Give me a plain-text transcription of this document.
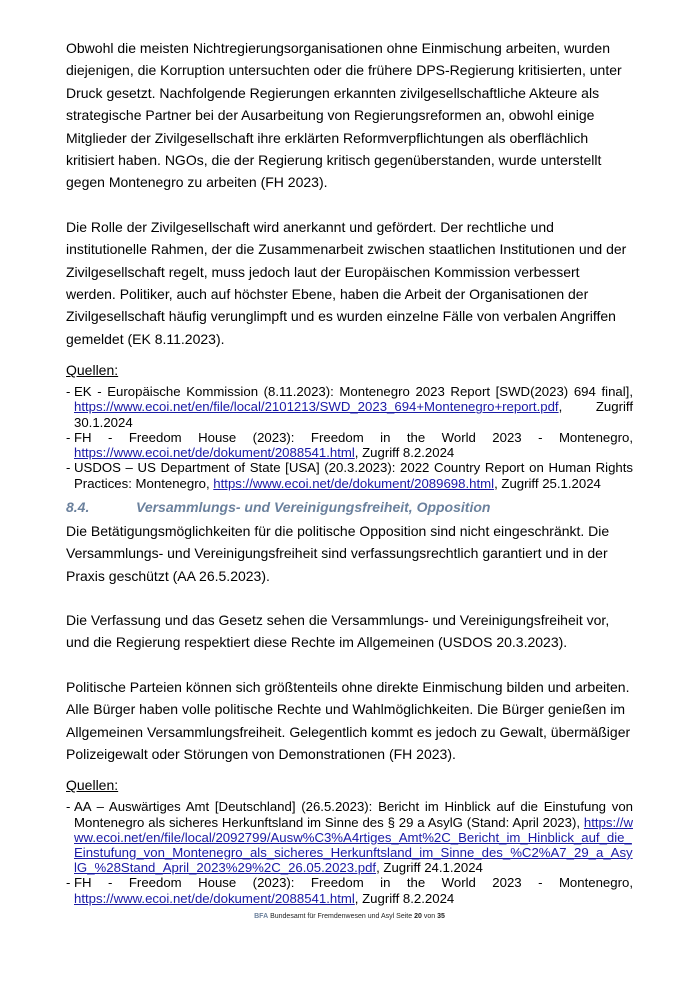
Obwohl die meisten Nichtregierungsorganisationen ohne Einmischung arbeiten, wurden diejenigen, die Korruption untersuchten oder die frühere DPS-Regierung kritisierten, unter Druck gesetzt. Nachfolgende Regierungen erkannten zivilgesellschaftliche Akteure als strategische Partner bei der Ausarbeitung von Regierungsreformen an, obwohl einige Mitglieder der Zivilgesellschaft ihre erklärten Reformverpflichtungen als oberflächlich kritisiert haben. NGOs, die der Regierung kritisch gegenüberstanden, wurde unterstellt gegen Montenegro zu arbeiten (FH 2023).

Die Rolle der Zivilgesellschaft wird anerkannt und gefördert. Der rechtliche und institutionelle Rahmen, der die Zusammenarbeit zwischen staatlichen Institutionen und der Zivilgesellschaft regelt, muss jedoch laut der Europäischen Kommission verbessert werden. Politiker, auch auf höchster Ebene, haben die Arbeit der Organisationen der Zivilgesellschaft häufig verunglimpft und es wurden einzelne Fälle von verbalen Angriffen gemeldet (EK 8.11.2023).

Quellen:
- EK - Europäische Kommission (8.11.2023): Montenegro 2023 Report [SWD(2023) 694 final], https://www.ecoi.net/en/file/local/2101213/SWD_2023_694+Montenegro+report.pdf, Zugriff 30.1.2024
- FH - Freedom House (2023): Freedom in the World 2023 - Montenegro, https://www.ecoi.net/de/dokument/2088541.html, Zugriff 8.2.2024
- USDOS – US Department of State [USA] (20.3.2023): 2022 Country Report on Human Rights Practices: Montenegro, https://www.ecoi.net/de/dokument/2089698.html, Zugriff 25.1.2024
8.4.	Versammlungs- und Vereinigungsfreiheit, Opposition

Die Betätigungsmöglichkeiten für die politische Opposition sind nicht eingeschränkt. Die Versammlungs- und Vereinigungsfreiheit sind verfassungsrechtlich garantiert und in der Praxis geschützt (AA 26.5.2023).

Die Verfassung und das Gesetz sehen die Versammlungs- und Vereinigungsfreiheit vor, und die Regierung respektiert diese Rechte im Allgemeinen (USDOS 20.3.2023).

Politische Parteien können sich größtenteils ohne direkte Einmischung bilden und arbeiten. Alle Bürger haben volle politische Rechte und Wahlmöglichkeiten. Die Bürger genießen im Allgemeinen Versammlungsfreiheit. Gelegentlich kommt es jedoch zu Gewalt, übermäßiger Polizeigewalt oder Störungen von Demonstrationen (FH 2023).

Quellen:
- AA – Auswärtiges Amt [Deutschland] (26.5.2023): Bericht im Hinblick auf die Einstufung von Montenegro als sicheres Herkunftsland im Sinne des § 29 a AsylG (Stand: April 2023), https://www.ecoi.net/en/file/local/2092799/Ausw%C3%A4rtiges_Amt%2C_Bericht_im_Hinblick_auf_die_Einstufung_von_Montenegro_als_sicheres_Herkunftsland_im_Sinne_des_%C2%A7_29_a_AsylG_%28Stand_April_2023%29%2C_26.05.2023.pdf, Zugriff 24.1.2024
- FH - Freedom House (2023): Freedom in the World 2023 - Montenegro, https://www.ecoi.net/de/dokument/2088541.html, Zugriff 8.2.2024
BFA Bundesamt für Fremdenwesen und Asyl Seite 20 von 35
